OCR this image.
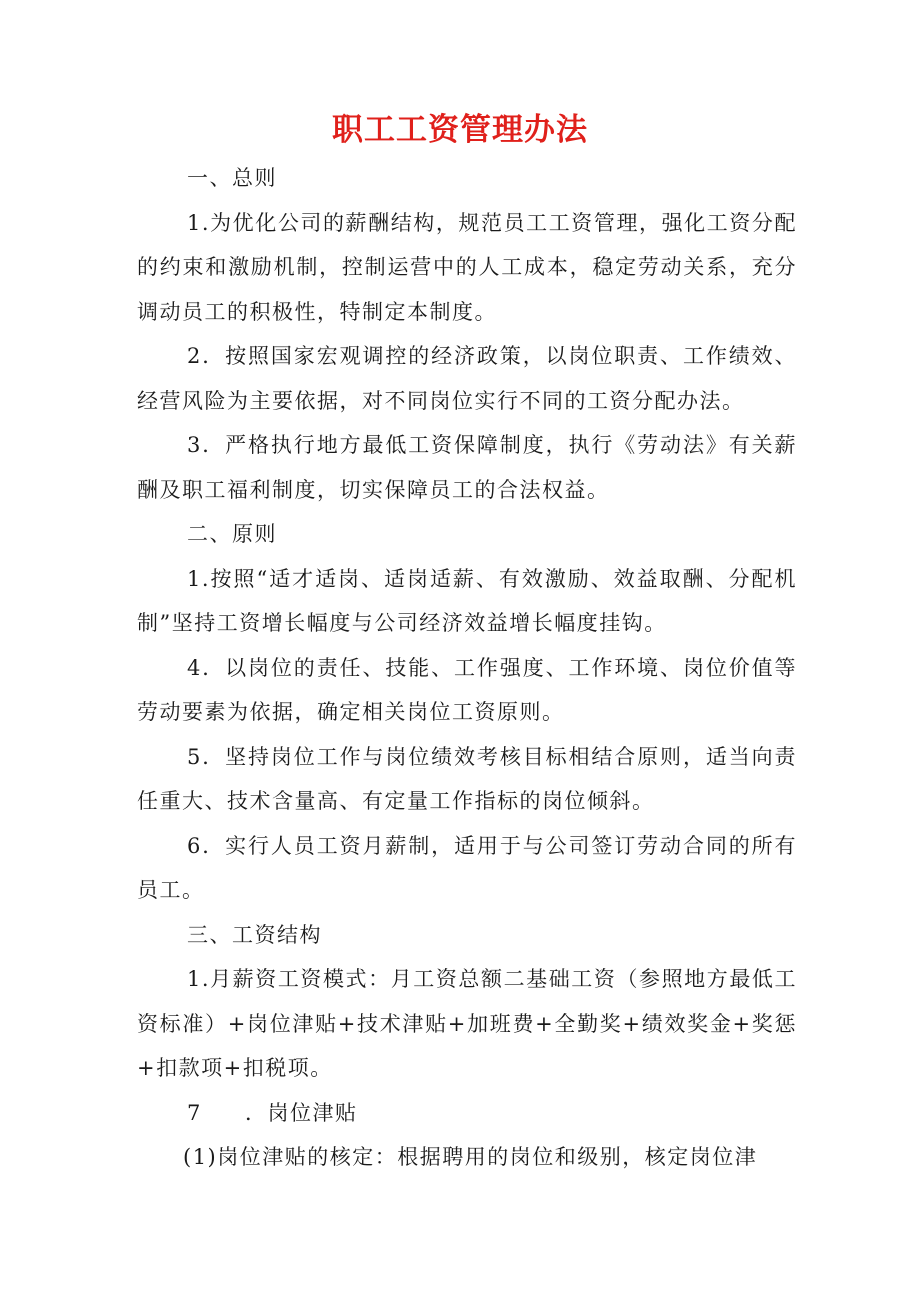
职工工资管理办法

一、总则

1.为优化公司的薪酬结构，规范员工工资管理，强化工资分配的约束和激励机制，控制运营中的人工成本，稳定劳动关系，充分调动员工的积极性，特制定本制度。

2．按照国家宏观调控的经济政策，以岗位职责、工作绩效、经营风险为主要依据，对不同岗位实行不同的工资分配办法。

3．严格执行地方最低工资保障制度，执行《劳动法》有关薪酬及职工福利制度，切实保障员工的合法权益。

二、原则

1.按照“适才适岗、适岗适薪、有效激励、效益取酬、分配机制”坚持工资增长幅度与公司经济效益增长幅度挂钩。

4．以岗位的责任、技能、工作强度、工作环境、岗位价值等劳动要素为依据，确定相关岗位工资原则。

5．坚持岗位工作与岗位绩效考核目标相结合原则，适当向责任重大、技术含量高、有定量工作指标的岗位倾斜。

6．实行人员工资月薪制，适用于与公司签订劳动合同的所有员工。

三、工资结构

1.月薪资工资模式：月工资总额二基础工资（参照地方最低工资标准）+岗位津贴+技术津贴+加班费+全勤奖+绩效奖金+奖惩+扣款项+扣税项。

7 ．岗位津贴

(1)岗位津贴的核定：根据聘用的岗位和级别，核定岗位津
